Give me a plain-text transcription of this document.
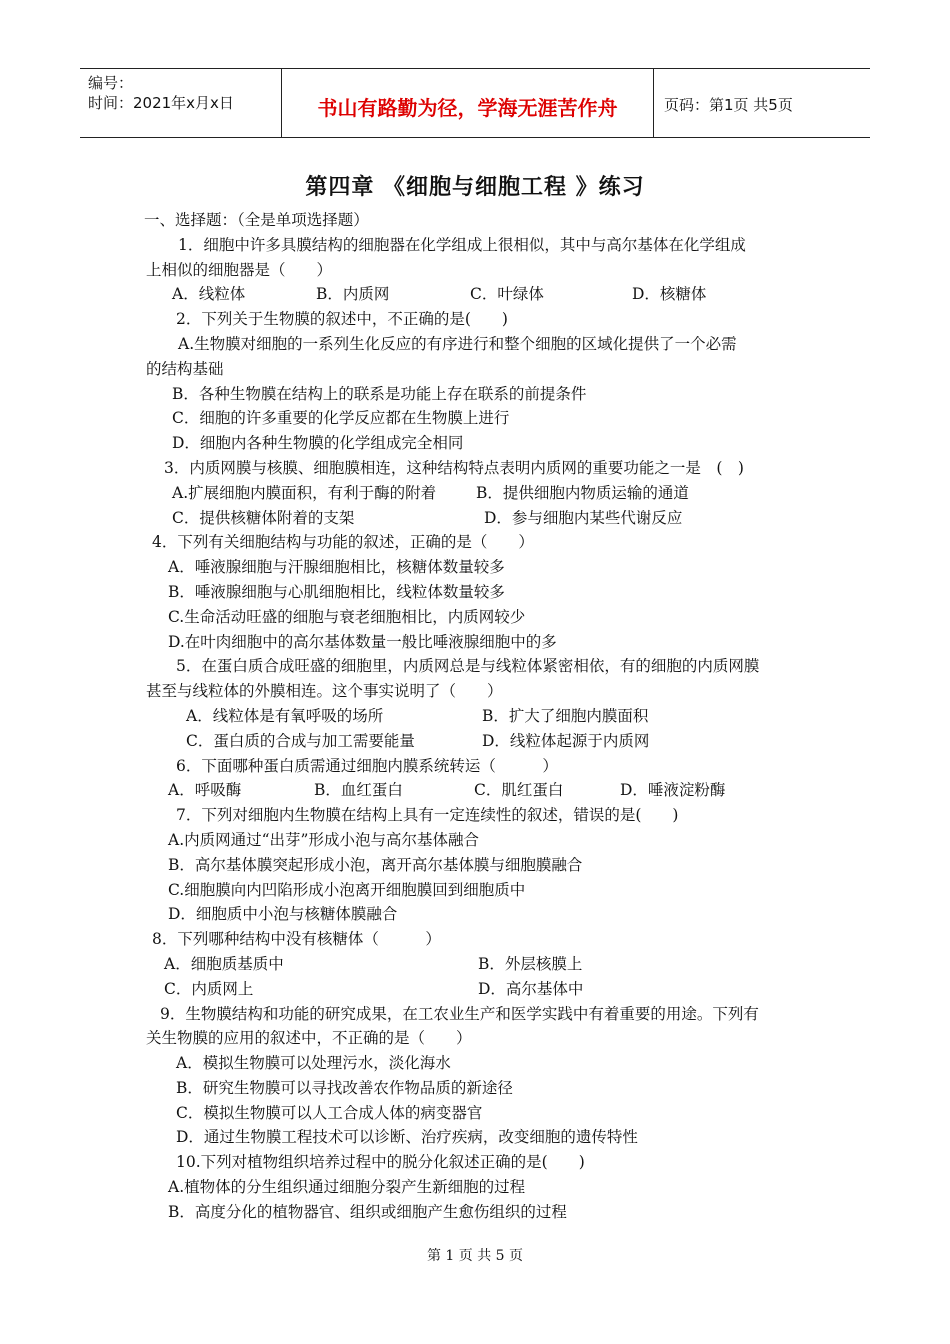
编号：
时间：2021年x月x日	书山有路勤为径，学海无涯苦作舟	页码：第1页 共5页
第四章 《细胞与细胞工程 》练习
一、选择题：（全是单项选择题）
1．细胞中许多具膜结构的细胞器在化学组成上很相似，其中与高尔基体在化学组成
上相似的细胞器是（　　）
A．线粒体	B．内质网	C．叶绿体	D．核糖体
2．下列关于生物膜的叙述中，不正确的是(　　)
A.生物膜对细胞的一系列生化反应的有序进行和整个细胞的区域化提供了一个必需
的结构基础
B．各种生物膜在结构上的联系是功能上存在联系的前提条件
C．细胞的许多重要的化学反应都在生物膜上进行
D．细胞内各种生物膜的化学组成完全相同
3．内质网膜与核膜、细胞膜相连，这种结构特点表明内质网的重要功能之一是　(　)
A.扩展细胞内膜面积，有利于酶的附着	B．提供细胞内物质运输的通道
C．提供核糖体附着的支架	D．参与细胞内某些代谢反应
4．下列有关细胞结构与功能的叙述，正确的是（　　）
A．唾液腺细胞与汗腺细胞相比，核糖体数量较多
B．唾液腺细胞与心肌细胞相比，线粒体数量较多
C.生命活动旺盛的细胞与衰老细胞相比，内质网较少
D.在叶肉细胞中的高尔基体数量一般比唾液腺细胞中的多
5．在蛋白质合成旺盛的细胞里，内质网总是与线粒体紧密相依，有的细胞的内质网膜
甚至与线粒体的外膜相连。这个事实说明了（　　）
A．线粒体是有氧呼吸的场所	B．扩大了细胞内膜面积
C．蛋白质的合成与加工需要能量	D．线粒体起源于内质网
6．下面哪种蛋白质需通过细胞内膜系统转运（　　　）
A．呼吸酶	B．血红蛋白	C．肌红蛋白	D．唾液淀粉酶
7．下列对细胞内生物膜在结构上具有一定连续性的叙述，错误的是(　　)
A.内质网通过“出芽”形成小泡与高尔基体融合
B．高尔基体膜突起形成小泡，离开高尔基体膜与细胞膜融合
C.细胞膜向内凹陷形成小泡离开细胞膜回到细胞质中
D．细胞质中小泡与核糖体膜融合
8．下列哪种结构中没有核糖体（　　　）
A．细胞质基质中	B．外层核膜上
C．内质网上	D．高尔基体中
9．生物膜结构和功能的研究成果，在工农业生产和医学实践中有着重要的用途。下列有
关生物膜的应用的叙述中，不正确的是（　　）
A．模拟生物膜可以处理污水，淡化海水
B．研究生物膜可以寻找改善农作物品质的新途径
C．模拟生物膜可以人工合成人体的病变器官
D．通过生物膜工程技术可以诊断、治疗疾病，改变细胞的遗传特性
10.下列对植物组织培养过程中的脱分化叙述正确的是(　　)
A.植物体的分生组织通过细胞分裂产生新细胞的过程
B．高度分化的植物器官、组织或细胞产生愈伤组织的过程
第 1 页 共 5 页
